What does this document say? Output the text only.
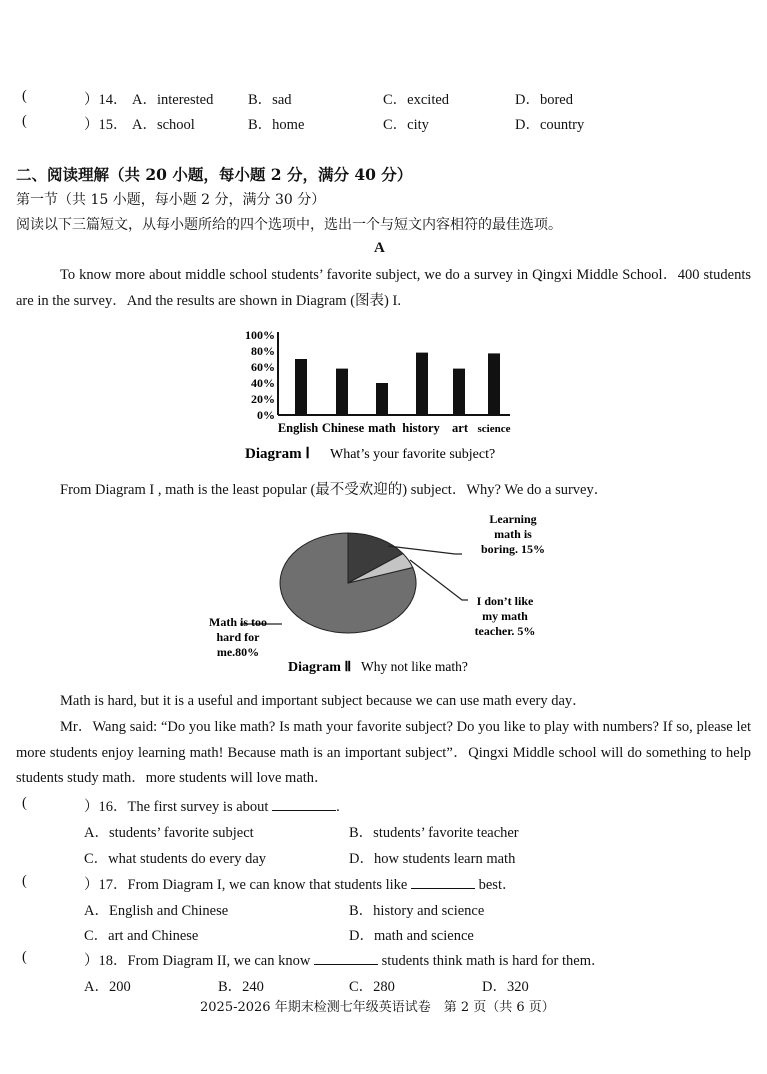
(	）14． A．interested B．sad	C．excited	D．bored
(	）15． A．school	B．home	C．city	D．country
二、阅读理解（共 20 小题，每小题 2 分，满分 40 分）
第一节（共 15 小题，每小题 2 分，满分 30 分）
阅读以下三篇短文，从每小题所给的四个选项中，选出一个与短文内容相符的最佳选项。
A
To know more about middle school students’ favorite subject, we do a survey in Qingxi Middle School．400 students are in the survey．And the results are shown in Diagram (图表) I.
100%
80%
60%
40%
20%
0%
English Chinese math history art science
Diagram Ⅰ What’s your favorite subject?
From Diagram I , math is the least popular (最不受欢迎的) subject．Why? We do a survey．
Math is too hard for me.80%
I don’t like my math teacher. 5%
Learning math is boring. 15%
Diagram Ⅱ Why not like math?
Math is hard, but it is a useful and important subject because we can use math every day．
Mr．Wang said: “Do you like math? Is math your favorite subject? Do you like to play with numbers? If so, please let more students enjoy learning math! Because math is an important subject”．Qingxi Middle school will do something to help students study math．more students will love math．
(	）16．The first survey is about	.
A．students’ favorite subject	B．students’ favorite teacher
C．what students do every day	D．how students learn math
(	）17．From Diagram I, we can know that students like	best．
A．English and Chinese	B．history and science
C．art and Chinese	D．math and science
(	）18．From Diagram II, we can know	students think math is hard for them．
A．200	B．240	C．280	D．320
2025-2026 年期末检测七年级英语试卷　第 2 页（共 6 页）
